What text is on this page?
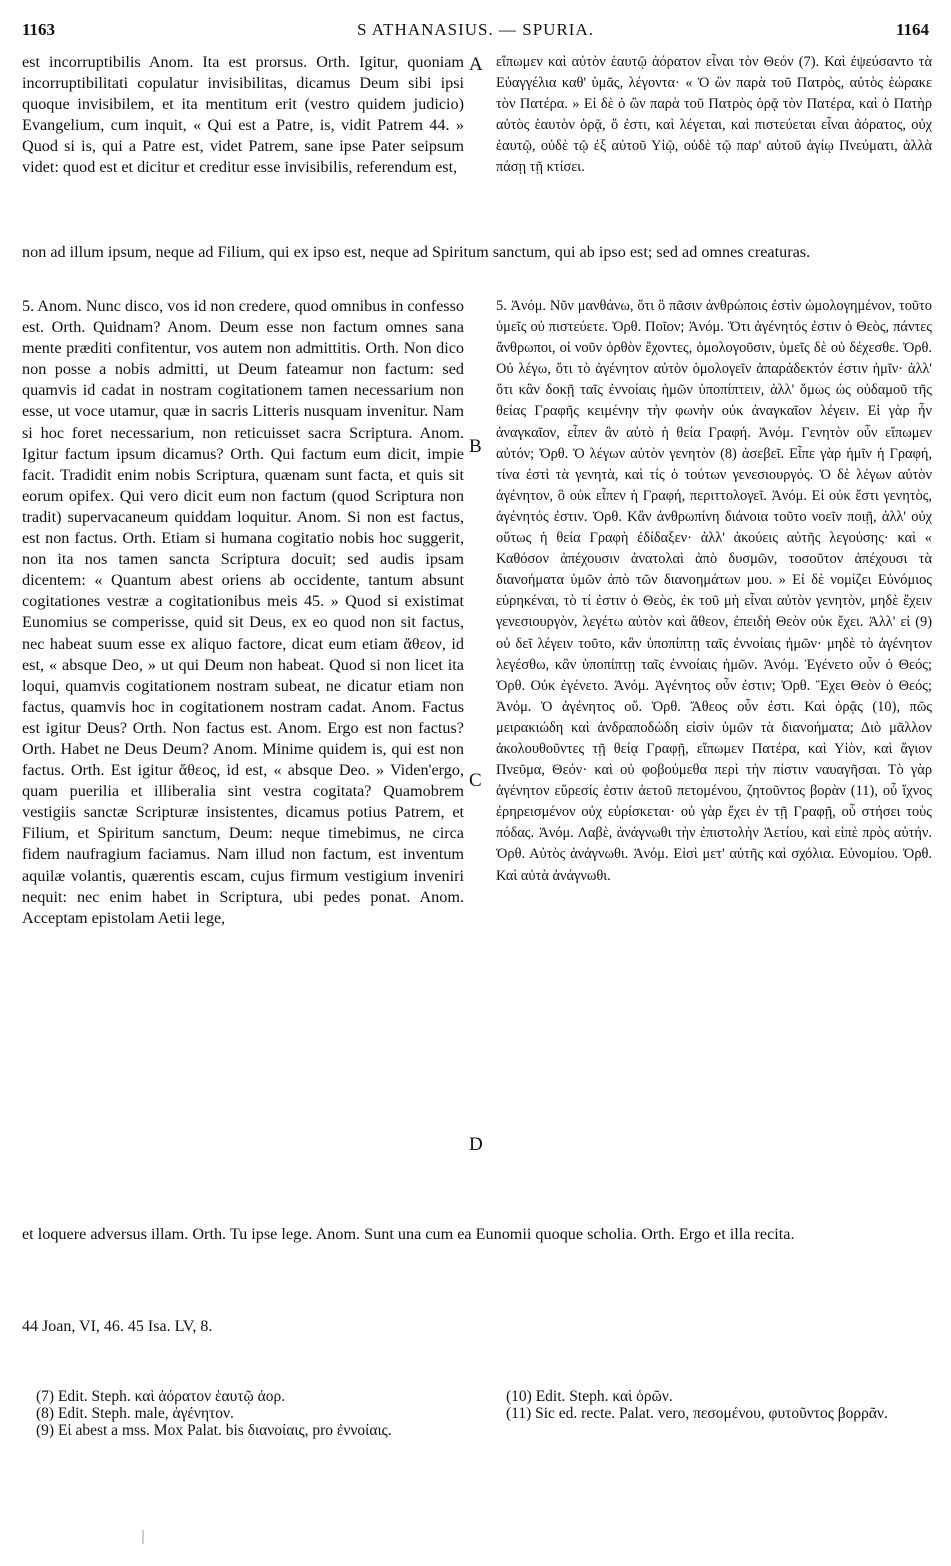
1163	S ATHANASIUS. — SPURIA.	1164
est incorruptibilis Anom. Ita est prorsus. Orth. Igitur, quoniam incorruptibilitati copulatur invisibilitas, dicamus Deum sibi ipsi quoque invisibilem, et ita mentitum erit (vestro quidem judicio) Evangelium, cum inquit, « Qui est a Patre, is, vidit Patrem 44. » Quod si is, qui a Patre est, videt Patrem, sane ipse Pater seipsum videt: quod est et dicitur et creditur esse invisibilis, referendum est,
εἴπωμεν καὶ αὐτὸν ἑαυτῷ ἀόρατον εἶναι τὸν Θεόν (7). Καὶ ἐψεύσαντο τὰ Εὐαγγέλια καθ' ὑμᾶς, λέγοντα· « Ὁ ὢν παρὰ τοῦ Πατρὸς, αὐτὸς ἑώρακε τὸν Πατέρα. » Εἰ δὲ ὁ ὢν παρὰ τοῦ Πατρὸς ὁρᾷ τὸν Πατέρα, καὶ ὁ Πατὴρ αὐτὸς ἑαυτὸν ὁρᾷ, ὅ ἐστι, καὶ λέγεται, καὶ πιστεύεται εἶναι ἀόρατος, οὐχ ἑαυτῷ, οὐδὲ τῷ ἐξ αὐτοῦ Υἱῷ, οὐδὲ τῷ παρ' αὐτοῦ ἁγίῳ Πνεύματι, ἀλλὰ πάσῃ τῇ κτίσει.
non ad illum ipsum, neque ad Filium, qui ex ipso est, neque ad Spiritum sanctum, qui ab ipso est; sed ad omnes creaturas.
5. Anom. Nunc disco, vos id non credere, quod omnibus in confesso est. Orth. Quidnam? Anom. Deum esse non factum omnes sana mente præditi confitentur, vos autem non admittitis. Orth. Non dico non posse a nobis admitti, ut Deum fateamur non factum: sed quamvis id cadat in nostram cogitationem tamen necessarium non esse, ut voce utamur, quæ in sacris Litteris nusquam invenitur. Nam si hoc foret necessarium, non reticuisset sacra Scriptura. Anom. Igitur factum ipsum dicamus? Orth. Qui factum eum dicit, impie facit. Tradidit enim nobis Scriptura, quænam sunt facta, et quis sit eorum opifex. Qui vero dicit eum non factum (quod Scriptura non tradit) supervacaneum quiddam loquitur. Anom. Si non est factus, est non factus. Orth. Etiam si humana cogitatio nobis hoc suggerit, non ita nos tamen sancta Scriptura docuit; sed audis ipsam dicentem: « Quantum abest oriens ab occidente, tantum absunt cogitationes vestræ a cogitationibus meis 45. » Quod si existimat Eunomius se comperisse, quid sit Deus, ex eo quod non sit factus, nec habeat suum esse ex aliquo factore, dicat eum etiam ἄθεον, id est, « absque Deo, » ut qui Deum non habeat. Quod si non licet ita loqui, quamvis cogitationem nostram subeat, ne dicatur etiam non factus, quamvis hoc in cogitationem nostram cadat. Anom. Factus est igitur Deus? Orth. Non factus est. Anom. Ergo est non factus? Orth. Habet ne Deus Deum? Anom. Minime quidem is, qui est non factus. Orth. Est igitur ἄθεος, id est, « absque Deo. » Viden'ergo, quam puerilia et illiberalia sint vestra cogitata? Quamobrem vestigiis sanctæ Scripturæ insistentes, dicamus potius Patrem, et Filium, et Spiritum sanctum, Deum: neque timebimus, ne circa fidem naufragium faciamus. Nam illud non factum, est inventum aquilæ volantis, quærentis escam, cujus firmum vestigium inveniri nequit: nec enim habet in Scriptura, ubi pedes ponat. Anom. Acceptam epistolam Aetii lege,
5. Ἀνόμ. Νῦν μανθάνω, ὅτι ὃ πᾶσιν ἀνθρώποις ἐστὶν ὡμολογημένον, τοῦτο ὑμεῖς οὐ πιστεύετε. Ὀρθ. Ποῖον; Ἀνόμ. Ὅτι ἀγένητός ἐστιν ὁ Θεὸς, πάντες ἄνθρωποι, οἱ νοῦν ὀρθὸν ἔχοντες, ὁμολογοῦσιν, ὑμεῖς δὲ οὐ δέχεσθε. Ὀρθ. Οὐ λέγω, ὅτι τὸ ἀγένητον αὐτὸν ὁμολογεῖν ἀπαράδεκτόν ἐστιν ἡμῖν· ἀλλ' ὅτι κἂν δοκῇ ταῖς ἐννοίαις ἡμῶν ὑποπίπτειν, ἀλλ' ὅμως ὡς οὐδαμοῦ τῆς θείας Γραφῆς κειμένην τὴν φωνὴν οὐκ ἀναγκαῖον λέγειν. Εἰ γὰρ ἦν ἀναγκαῖον, εἶπεν ἂν αὐτὸ ἡ θεία Γραφή. Ἀνόμ. Γενητὸν οὖν εἴπωμεν αὐτόν; Ὀρθ. Ὁ λέγων αὐτὸν γενητὸν (8) ἀσεβεῖ. Εἶπε γὰρ ἡμῖν ἡ Γραφή, τίνα ἐστὶ τὰ γενητὰ, καὶ τίς ὁ τούτων γενεσιουργός. Ὁ δὲ λέγων αὐτὸν ἀγένητον, ὃ οὐκ εἶπεν ἡ Γραφή, περιττολογεῖ. Ἀνόμ. Εἰ οὐκ ἔστι γενητὸς, ἀγένητός ἐστιν. Ὀρθ. Κἂν ἀνθρωπίνη διάνοια τοῦτο νοεῖν ποιῇ, ἀλλ' οὐχ οὕτως ἡ θεία Γραφὴ ἐδίδαξεν· ἀλλ' ἀκούεις αὐτῆς λεγούσης· καὶ « Καθόσον ἀπέχουσιν ἀνατολαὶ ἀπὸ δυσμῶν, τοσοῦτον ἀπέχουσι τὰ διανοήματα ὑμῶν ἀπὸ τῶν διανοημάτων μου. » Εἰ δὲ νομίζει Εὐνόμιος εὑρηκέναι, τὸ τί ἐστιν ὁ Θεὸς, ἐκ τοῦ μὴ εἶναι αὐτὸν γενητὸν, μηδὲ ἔχειν γενεσιουργὸν, λεγέτω αὐτὸν καὶ ἄθεον, ἐπειδὴ Θεὸν οὐκ ἔχει. Ἀλλ' εἰ (9) οὐ δεῖ λέγειν τοῦτο, κἂν ὑποπίπτῃ ταῖς ἐννοίαις ἡμῶν· μηδὲ τὸ ἀγένητον λεγέσθω, κἂν ὑποπίπτῃ ταῖς ἐννοίαις ἡμῶν. Ἀνόμ. Ἐγένετο οὖν ὁ Θεός; Ὀρθ. Οὐκ ἐγένετο. Ἀνόμ. Ἀγένητος οὖν ἐστιν; Ὀρθ. Ἔχει Θεὸν ὁ Θεός; Ἀνόμ. Ὁ ἀγένητος οὔ. Ὀρθ. Ἄθεος οὖν ἐστι. Καὶ ὁρᾷς (10), πῶς μειρακιώδη καὶ ἀνδραποδώδη εἰσὶν ὑμῶν τὰ διανοήματα; Διὸ μᾶλλον ἀκολουθοῦντες τῇ θείᾳ Γραφῇ, εἴπωμεν Πατέρα, καὶ Υἱὸν, καὶ ἅγιον Πνεῦμα, Θεόν· καὶ οὐ φοβούμεθα περὶ τὴν πίστιν ναυαγῆσαι. Τὸ γὰρ ἀγένητον εὕρεσίς ἐστιν ἀετοῦ πετομένου, ζητοῦντος βορὰν (11), οὗ ἴχνος ἐρηρεισμένον οὐχ εὑρίσκεται· οὐ γὰρ ἔχει ἐν τῇ Γραφῇ, οὗ στήσει τοὺς πόδας. Ἀνόμ. Λαβὲ, ἀνάγνωθι τὴν ἐπιστολὴν Ἀετίου, καὶ εἰπὲ πρὸς αὐτήν. Ὀρθ. Αὐτὸς ἀνάγνωθι. Ἀνόμ. Εἰσὶ μετ' αὐτῆς καὶ σχόλια. Εὐνομίου. Ὀρθ. Καὶ αὐτὰ ἀνάγνωθι.
et loquere adversus illam. Orth. Tu ipse lege. Anom. Sunt una cum ea Eunomii quoque scholia. Orth. Ergo et illa recita.
A
B
C
D
44 Joan, VI, 46. 45 Isa. LV, 8.

(7) Edit. Steph. καὶ ἀόρατον ἑαυτῷ ἀορ.

(8) Edit. Steph. male, ἀγένητον.

(9) Εἰ abest a mss. Mox Palat. bis διανοίαις, pro ἐννοίαις.

(10) Edit. Steph. καὶ ὁρῶν.

(11) Sic ed. recte. Palat. vero, πεσομένου, φυτοῦντος βορρᾶν.
